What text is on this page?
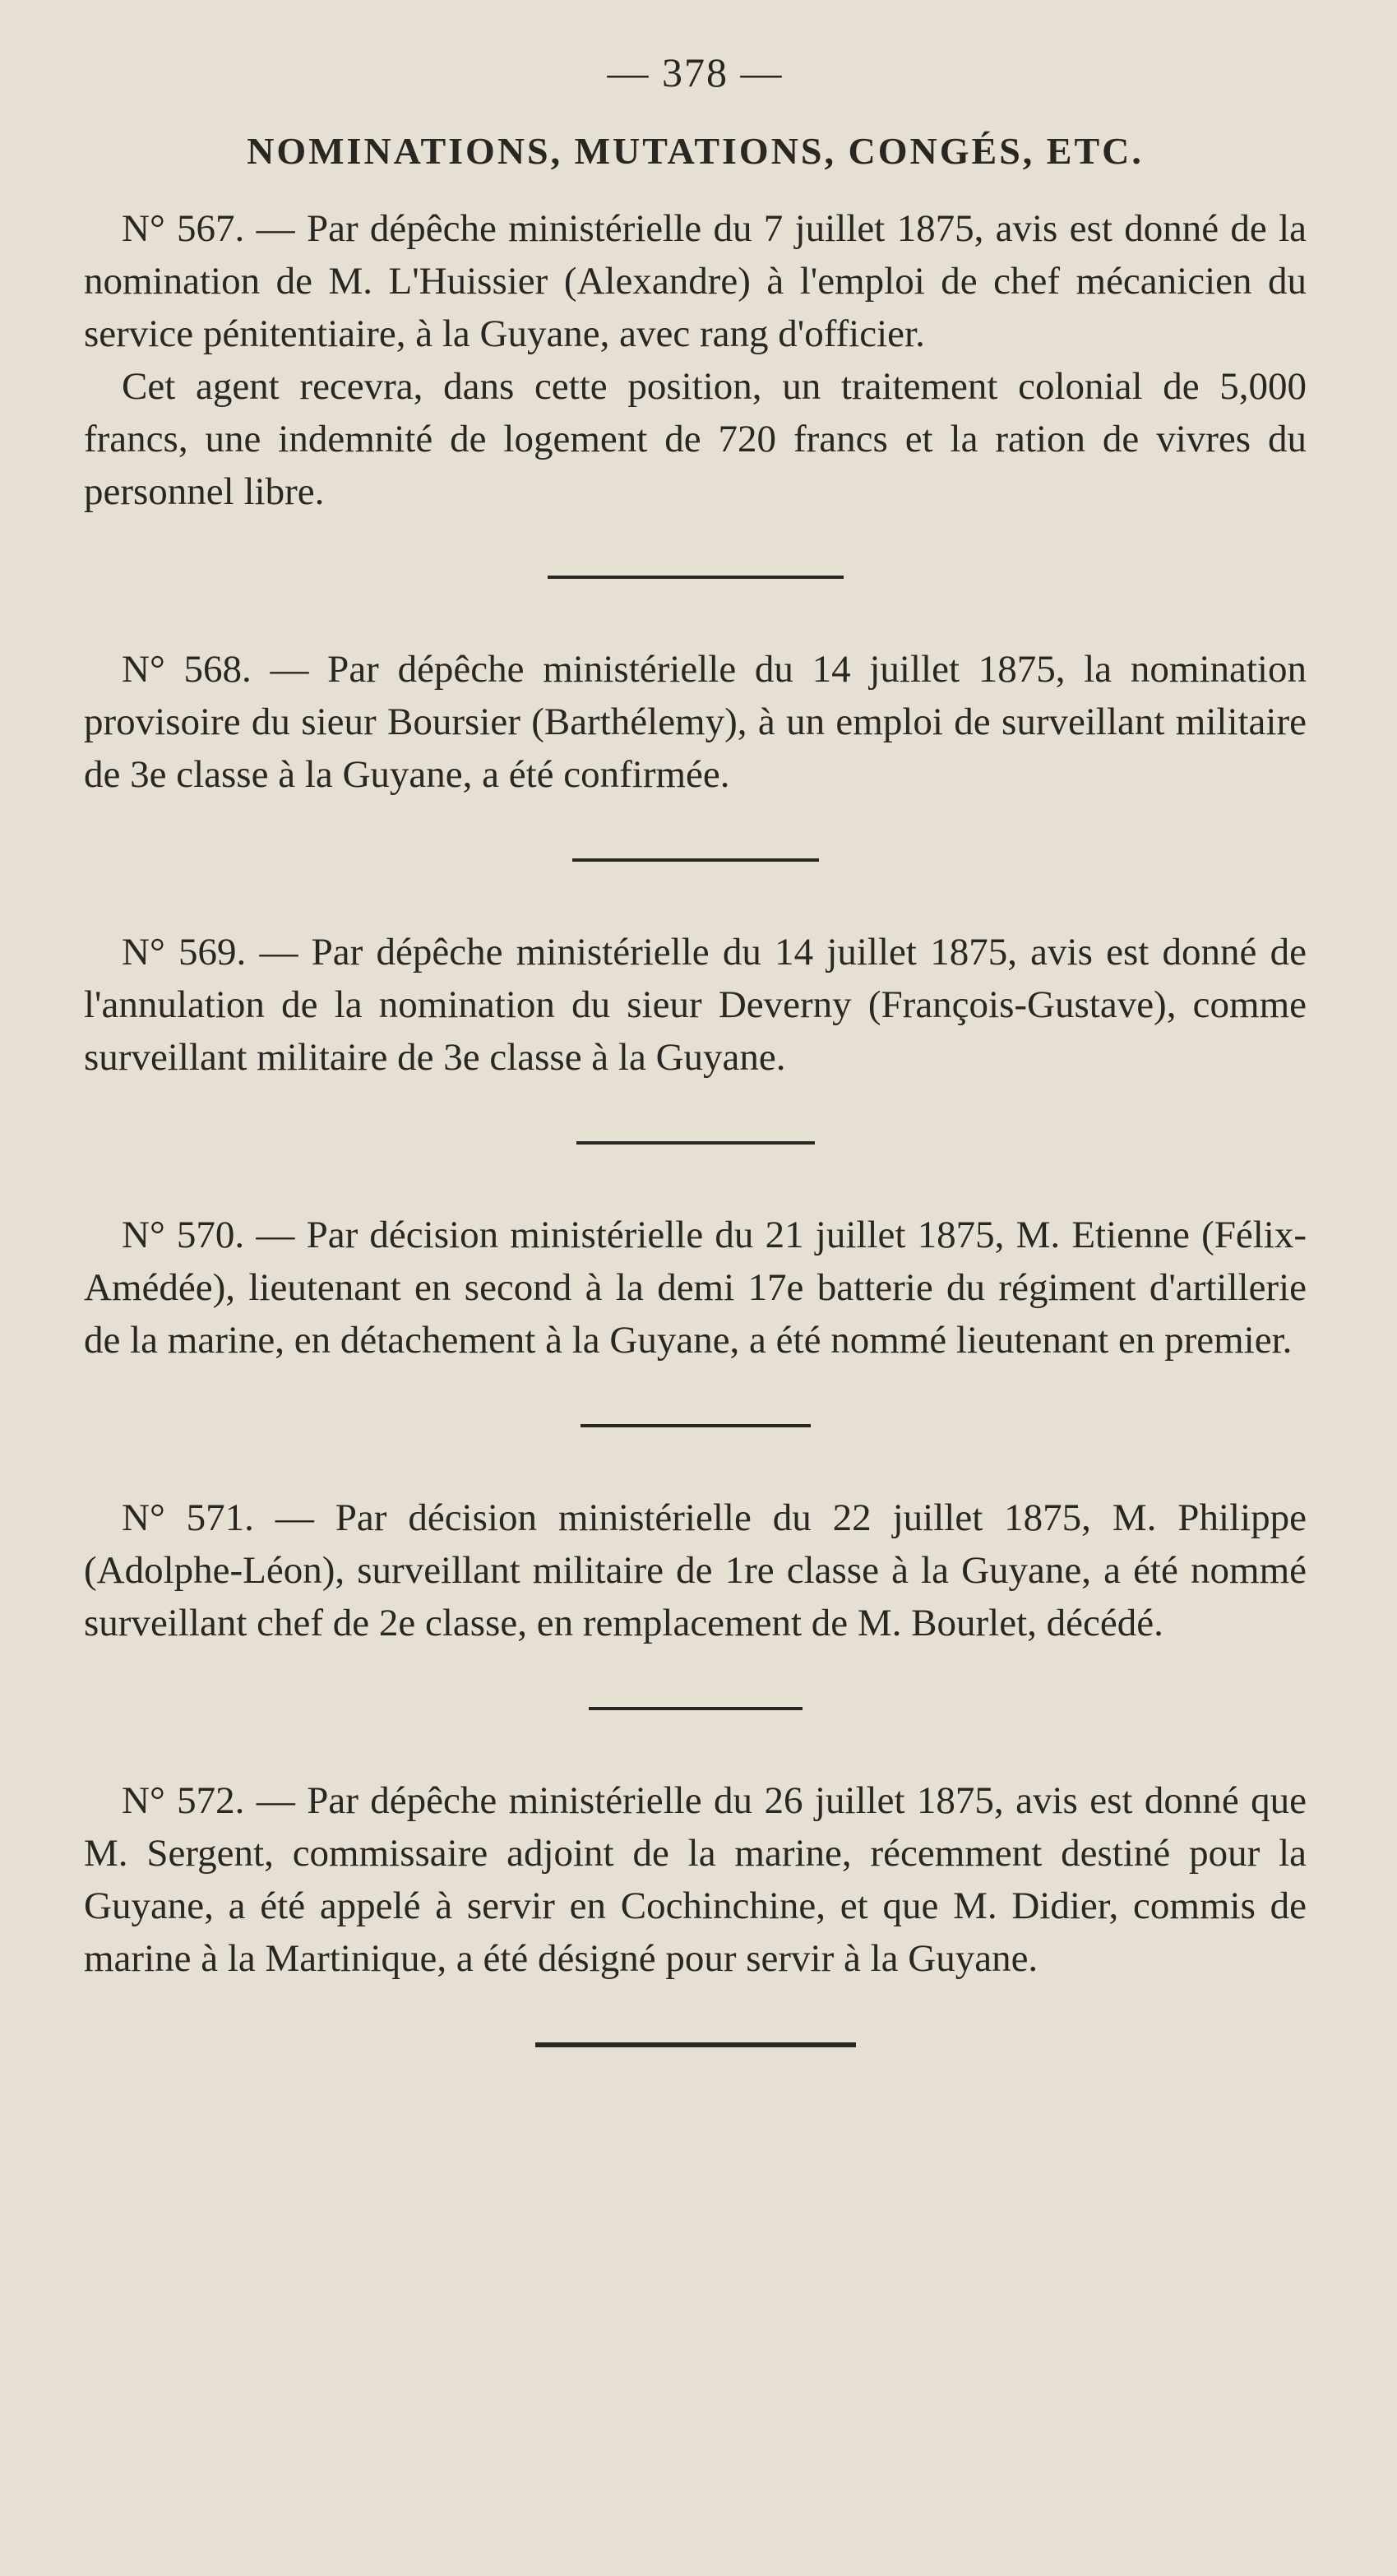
— 378 —
NOMINATIONS, MUTATIONS, CONGÉS, ETC.

N° 567. — Par dépêche ministérielle du 7 juillet 1875, avis est donné de la nomination de M. L'Huissier (Alexandre) à l'emploi de chef mécanicien du service pénitentiaire, à la Guyane, avec rang d'officier.

Cet agent recevra, dans cette position, un traitement colonial de 5,000 francs, une indemnité de logement de 720 francs et la ration de vivres du personnel libre.

N° 568. — Par dépêche ministérielle du 14 juillet 1875, la nomination provisoire du sieur Boursier (Barthélemy), à un emploi de surveillant militaire de 3e classe à la Guyane, a été confirmée.

N° 569. — Par dépêche ministérielle du 14 juillet 1875, avis est donné de l'annulation de la nomination du sieur Deverny (François-Gustave), comme surveillant militaire de 3e classe à la Guyane.

N° 570. — Par décision ministérielle du 21 juillet 1875, M. Etienne (Félix-Amédée), lieutenant en second à la demi 17e batterie du régiment d'artillerie de la marine, en détachement à la Guyane, a été nommé lieutenant en premier.

N° 571. — Par décision ministérielle du 22 juillet 1875, M. Philippe (Adolphe-Léon), surveillant militaire de 1re classe à la Guyane, a été nommé surveillant chef de 2e classe, en remplacement de M. Bourlet, décédé.

N° 572. — Par dépêche ministérielle du 26 juillet 1875, avis est donné que M. Sergent, commissaire adjoint de la marine, récemment destiné pour la Guyane, a été appelé à servir en Cochinchine, et que M. Didier, commis de marine à la Martinique, a été désigné pour servir à la Guyane.
